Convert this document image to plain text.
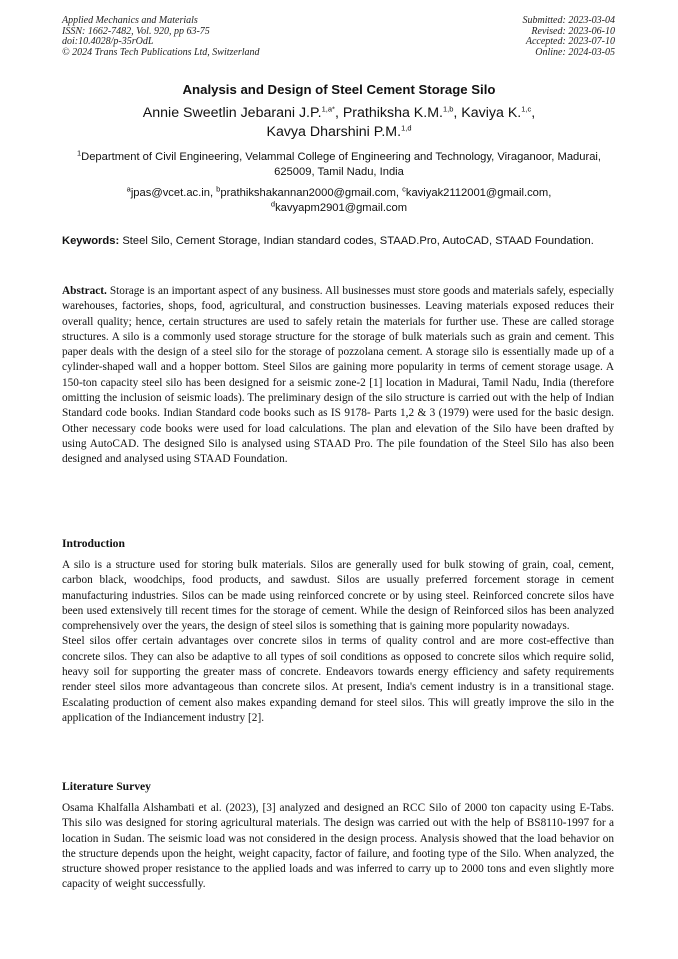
Applied Mechanics and Materials
ISSN: 1662-7482, Vol. 920, pp 63-75
doi:10.4028/p-35rOdL
© 2024 Trans Tech Publications Ltd, Switzerland
Submitted: 2023-03-04
Revised: 2023-06-10
Accepted: 2023-07-10
Online: 2024-03-05
Analysis and Design of Steel Cement Storage Silo
Annie Sweetlin Jebarani J.P.$^{1,a*}$, Prathiksha K.M.$^{1,b}$, Kaviya K.$^{1,c}$,
Kavya Dharshini P.M.$^{1,d}$
$^1$Department of Civil Engineering, Velammal College of Engineering and Technology, Viraganoor, Madurai, 625009, Tamil Nadu, India
$^a$jpas@vcet.ac.in, $^b$prathikshakannan2000@gmail.com, $^c$kaviyak2112001@gmail.com,
$^d$kavyapm2901@gmail.com
Keywords: Steel Silo, Cement Storage, Indian standard codes, STAAD.Pro, AutoCAD, STAAD Foundation.

Abstract. Storage is an important aspect of any business. All businesses must store goods and materials safely, especially warehouses, factories, shops, food, agricultural, and construction businesses. Leaving materials exposed reduces their overall quality; hence, certain structures are used to safely retain the materials for further use. These are called storage structures. A silo is a commonly used storage structure for the storage of bulk materials such as grain and cement. This paper deals with the design of a steel silo for the storage of pozzolana cement. A storage silo is essentially made up of a cylinder-shaped wall and a hopper bottom. Steel Silos are gaining more popularity in terms of cement storage usage. A 150-ton capacity steel silo has been designed for a seismic zone-2 [1] location in Madurai, Tamil Nadu, India (therefore omitting the inclusion of seismic loads). The preliminary design of the silo structure is carried out with the help of Indian Standard code books. Indian Standard code books such as IS 9178- Parts 1,2 & 3 (1979) were used for the basic design. Other necessary code books were used for load calculations. The plan and elevation of the Silo have been drafted by using AutoCAD. The designed Silo is analysed using STAAD Pro. The pile foundation of the Steel Silo has also been designed and analysed using STAAD Foundation.

Introduction

A silo is a structure used for storing bulk materials. Silos are generally used for bulk stowing of grain, coal, cement, carbon black, woodchips, food products, and sawdust. Silos are usually preferred forcement storage in cement manufacturing industries. Silos can be made using reinforced concrete or by using steel. Reinforced concrete silos have been used extensively till recent times for the storage of cement. While the design of Reinforced silos has been analyzed comprehensively over the years, the design of steel silos is something that is gaining more popularity nowadays.

Steel silos offer certain advantages over concrete silos in terms of quality control and are more cost-effective than concrete silos. They can also be adaptive to all types of soil conditions as opposed to concrete silos which require solid, heavy soil for supporting the greater mass of concrete. Endeavors towards energy efficiency and safety requirements render steel silos more advantageous than concrete silos. At present, India's cement industry is in a transitional stage. Escalating production of cement also makes expanding demand for steel silos. This will greatly improve the silo in the application of the Indiancement industry [2].

Literature Survey

Osama Khalfalla Alshambati et al. (2023), [3] analyzed and designed an RCC Silo of 2000 ton capacity using E-Tabs. This silo was designed for storing agricultural materials. The design was carried out with the help of BS8110-1997 for a location in Sudan. The seismic load was not considered in the design process. Analysis showed that the load behavior on the structure depends upon the height, weight capacity, factor of failure, and footing type of the Silo. When analyzed, the structure showed proper resistance to the applied loads and was inferred to carry up to 2000 tons and even slightly more capacity of weight successfully.
